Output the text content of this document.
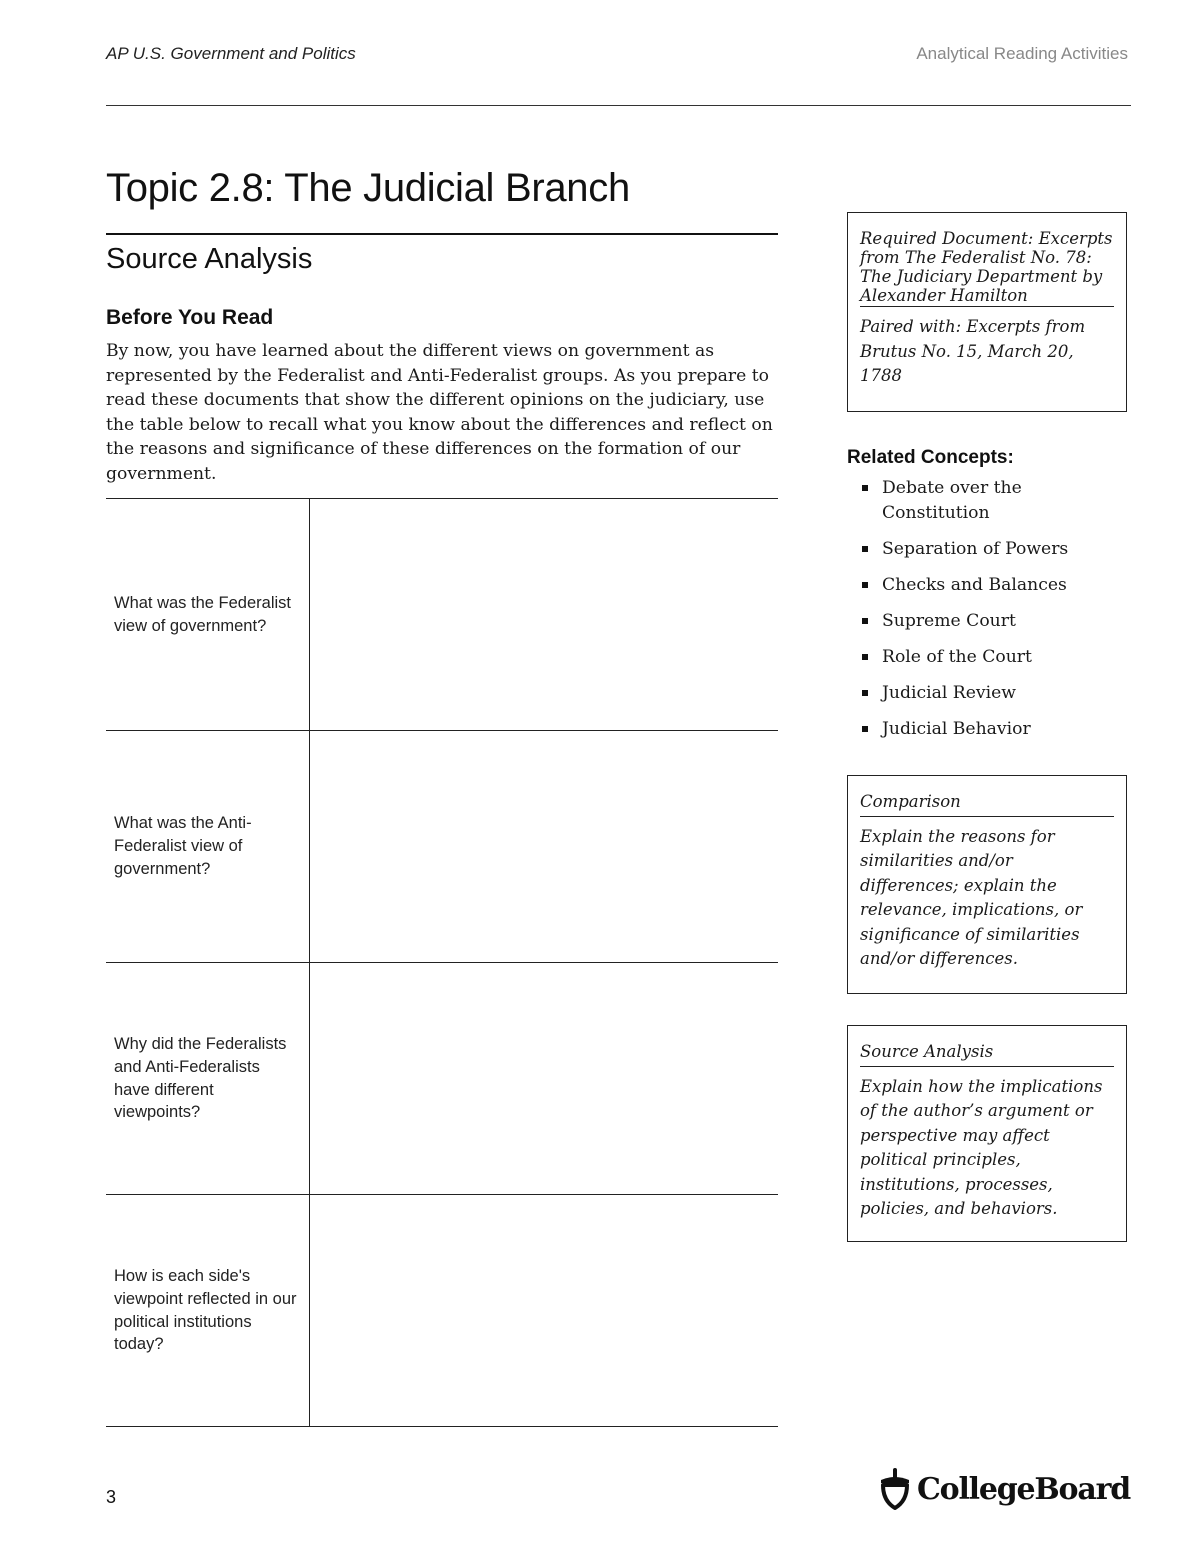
AP U.S. Government and Politics	Analytical Reading Activities
Topic 2.8: The Judicial Branch
Source Analysis
Before You Read

By now, you have learned about the different views on government as represented by the Federalist and Anti-Federalist groups. As you prepare to read these documents that show the different opinions on the judiciary, use the table below to recall what you know about the differences and reflect on the reasons and significance of these differences on the formation of our government.

What was the Federalist view of government?	
What was the Anti-Federalist view of government?	
Why did the Federalists and Anti-Federalists have different viewpoints?	
How is each side's viewpoint reflected in our political institutions today?	
Required Document: Excerpts from The Federalist No. 78: The Judiciary Department by Alexander Hamilton
Paired with: Excerpts from Brutus No. 15, March 20, 1788
Related Concepts:
Debate over the Constitution
Separation of Powers
Checks and Balances
Supreme Court
Role of the Court
Judicial Review
Judicial Behavior
Comparison
Explain the reasons for similarities and/or differences; explain the relevance, implications, or significance of similarities and/or differences.
Source Analysis
Explain how the implications of the author’s argument or perspective may affect political principles, institutions, processes, policies, and behaviors.
3	CollegeBoard
